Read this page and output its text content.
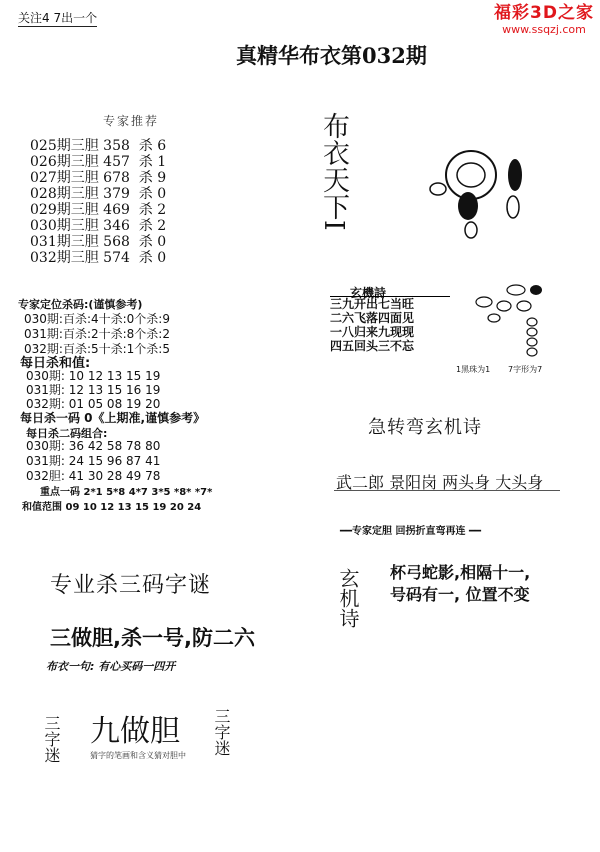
关注4 7出一个	福彩3D之家
www.ssqzj.com
真精华布衣第032期
专家推荐
025期三胆 358  杀 6
026期三胆 457  杀 1
027期三胆 678  杀 9
028期三胆 379  杀 0
029期三胆 469  杀 2
030期三胆 346  杀 2
031期三胆 568  杀 0
032期三胆 574  杀 0
专家定位杀码:(谨慎参考)
030期:百杀:4十杀:0个杀:9
031期:百杀:2十杀:8个杀:2
032期:百杀:5十杀:1个杀:5
每日杀和值:
030期: 10 12 13 15 19
031期: 12 13 15 16 19
032期: 01 05 08 19 20
每日杀一码 0《上期准,谨慎参考》
每日杀二码组合:
030期: 36 42 58 78 80
031期: 24 15 96 87 41
032胆: 41 30 28 49 78
重点一码 2*1 5*8 4*7 3*5 *8* *7*
和值范围 09 10 12 13 15 19 20 24
专业杀三码字谜
三做胆,杀一号,防二六
布衣一句: 有心买码一四开
三字迷 九做胆
猜字的笔画和含义猜对胆中	三字迷
布衣天下I
玄機詩
三九开出七当旺
二六飞落四面见
一八归来九现现
四五回头三不忘
1黑珠为1 7字形为7
急转弯玄机诗
武二郎 景阳岗 两头身 大头身
━━专家定胆 回拐折直弯再连 ━━
玄机诗 杯弓蛇影,相隔十一,
号码有一, 位置不变
